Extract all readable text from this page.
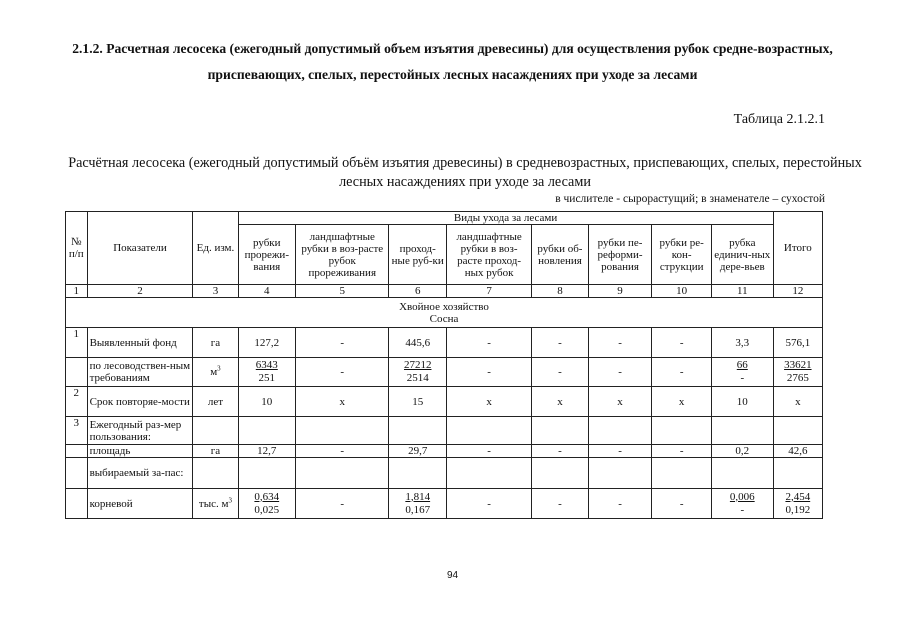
2.1.2. Расчетная лесосека (ежегодный допустимый объем изъятия древесины) для осуществления рубок средне-возрастных, приспевающих, спелых, перестойных лесных насаждениях при уходе за лесами
Таблица 2.1.2.1
Расчётная лесосека (ежегодный допустимый объём изъятия древесины) в средневозрастных, приспевающих, спелых, перестойных лесных насаждениях при уходе за лесами
в числителе - сырорастущий; в знаменателе – сухостой
№ п/п	Показатели	Ед. изм.	Виды ухода за лесами								Итого
			рубки прорежи-вания	ландшафтные рубки в воз-расте рубок прореживания	проход-ные руб-ки	ландшафтные рубки в воз-расте проход-ных рубок	рубки об-новления	рубки пе-реформи-рования	рубки ре-кон-струкции	рубка единич-ных дере-вьев	
1	2	3	4	5	6	7	8	9	10	11	12

Хвойное хозяйство
Сосна											

1	Выявленный фонд	га	127,2	-	445,6	-	-	-	-	3,3	576,1
	по лесоводствен-ным требованиям	$м^3$	$\frac{6343}{251}$	-	$\frac{27212}{2514}$	-	-	-	-	$\frac{66}{-}$	$\frac{33621}{2765}$

2	Срок повторяе-мости	лет	10	х	15	х	х	х	х	10	х
3	Ежегодный раз-мер пользования:										
	площадь	га	12,7	-	29,7	-	-	-	-	0,2	42,6
	выбираемый за-пас:										
	корневой	тыс. $м^3$	$\frac{0,634}{0,025}$	-	$\frac{1,814}{0,167}$	-	-	-	-	$\frac{0,006}{-}$	$\frac{2,454}{0,192}$
94
